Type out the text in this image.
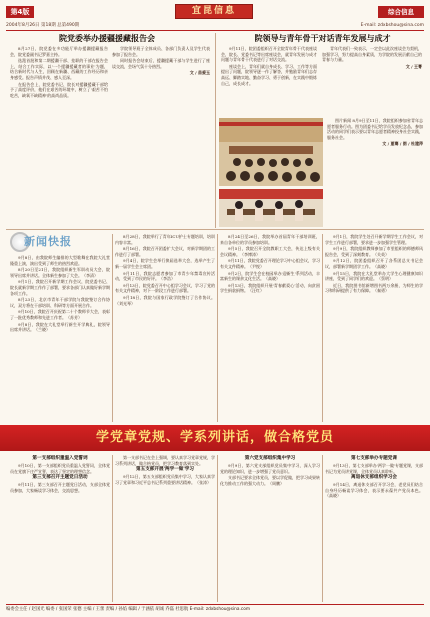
第4版	宜昆信息	综合信息
2004年8月26日 第18期 总第490期	E-mail: zdxbshou@sina.com
院党委举办援疆援藏报告会

8月27日，院党委在多功能厅举办援疆援藏报告会，院党委副书记罗嘉主持。

选派首批和第二期援疆干部、挂职的干部在报告会上，结合工作实际，以'一个援疆援藏者的事业'为题，结合新时代与人生，回顾在新疆、西藏的工作经历和亲身感受。报告声情并茂、感人至深。

在报告会上，院党委书记、院长对援疆援藏干部给予了高度评价，他们在艰苦的环境中，树立了'艰苦不怕吃苦，缺氧不缺精神'的高尚品质。

学院领导班子全体成员、各部门负责人及学生代表参加了报告会。

同时报告会结束后，援疆援藏干部与学生进行了座谈交流，会场气氛十分热烈。

文 / 苗爱玉
院领导与青年骨干对话青年发展与成才

9月11日，院团委组织召开全院青年骨干代表座谈会，院长、党委书记等出席座谈会，就青年发展与成才问题与青年骨干代表进行了对话交流。

座谈会上，青年们就自身成长、学习、工作等方面提出了问题，院领导逐一作了解答，并勉励青年们志存高远、脚踏实地、勤奋学习、勇于创新，在实践中锻炼自己，成长成才。

青年代表们一致表示，一定会以此次座谈会为契机，加强学习，努力提高自身素质，为学院的发展贡献自己的青春与力量。

文 / 王菁

图片新闻 8月9日至11日，我院组织参加省青年志愿者服务行动。图为团委书记给学员发放纪念品，参加活动的同学们表示要以青年志愿者精神投身社会实践，服务社会。

文 / 夏骞 / 图 / 杜建萍
新闻快报

9月8日，由我院师生编排的大型歌舞在我院大礼堂隆重上演，演出受到了师生的热烈欢迎。

8月20日至21日，我院组织新生军训动员大会，院领导出席并讲话。全体新生参加了大会。（李清）

9月1日，我院召开新学期工作会议，院党委书记、院长就新学期工作作了部署，要求各部门认真做好新学期各项工作。

8月23日，北京市青年干部学院与我院签订合作协议，双方将在干部培训、科研等方面开展合作。

9月10日，我院召开庆祝第二十个教师节大会，表彰了一批优秀教师和先进工作者。（苏芳）

9月8日，我院在大礼堂举行新生开学典礼，院领导出席并讲话。（兰晓）

8月28日，我院举行了青年ICU护士专题培训，培训内容丰富。

8月16日，我院召开团委扩大会议，对新学期团的工作进行了部署。

9月4日，院学生会举行换届选举大会，选举产生了新一届学生会主席团。

9月11日，我院志愿者参加了市青少年禁毒宣传活动，受到了市民的好评。（李浩）

9月13日，院党委召开中心组学习会议，学习了党的有关文件精神，对下一阶段工作进行部署。

9月18日，我院与国家行政学院签订了合作协议。（刘光琴）

8月24日至26日，我院举办首届青年干部培训班，来自各单位的学员参加培训。

9月5日，我院召开全院教职工大会，传达上级有关会议精神。（李博涛）

9月11日，我院党委召开理论学习中心组会议，学习有关文件精神。（尹悦）

9月2日，院学生会在校园举办'迎新生'系列活动，丰富新生的课余文化生活。（高晓）

9月13日，我院组织开展'青春献爱心'活动，向贫困学生捐款捐物。（汪红）

9月1日，我院学生处召开新学期学生工作会议，对学生工作进行部署，要求进一步加强学生管理。

9月9日，我院组织教师参加了市里组织的师德师风报告会，受到了深刻教育。（关英）

9月12日，院团委组织召开了各系团总支书记会议，部署新学期团学工作。（高晓）

9月15日，我院在大礼堂举办大学生心理健康知识讲座，受到了同学们的欢迎。（蔡明）

近日，我院图书馆新增图书两万余册，为师生的学习和科研提供了有力保障。（秦勇）

学党章党规、学系列讲话，做合格党员
第一支部组织重温入党誓词

9月10日，第一支部组织党员重温入党誓词，全体党员在党旗下庄严宣誓，表达了坚定的理想信念。

第三支部召开主题党日活动

9月11日，第三支部召开主题党日活动，支部全体党员参加，大家畅谈学习体会，交流思想。

第一支部书记在会上强调，要认真学习党章党规，学习系列讲话，做合格党员，把学习教育落到实处。

第五支部开展'两学一做'学习

9月12日，第五支部组织党员集中学习，大家认真学习了党章和习近平总书记系列重要讲话精神。（张涛）

第六党支部组织集中学习

9月9日，第六党支部组织党员集中学习，深入学习党的理论知识，进一步增强了党员意识。

支部书记要求全体党员，要以学促做，把学习成果转化为推动工作的强大动力。（周鹏）

第七支部举办专题党课

9月13日，第七支部举办'两学一做'专题党课，支部书记为党员讲党课，全体党员认真聆听。

离退休支部组织学习会

9月14日，离退休支部召开学习会，老党员们结合自身经历畅谈学习体会，表示要永葆共产党员本色。（高晓）

编委会主任 / 赵国光 编委 / 张国荣 张德 主编 / 王蕾 责编 / 孙焰 编辑 / 于涵依 胡诚 乔磊 杜思航 E-mail: zdxbshou@sina.com
